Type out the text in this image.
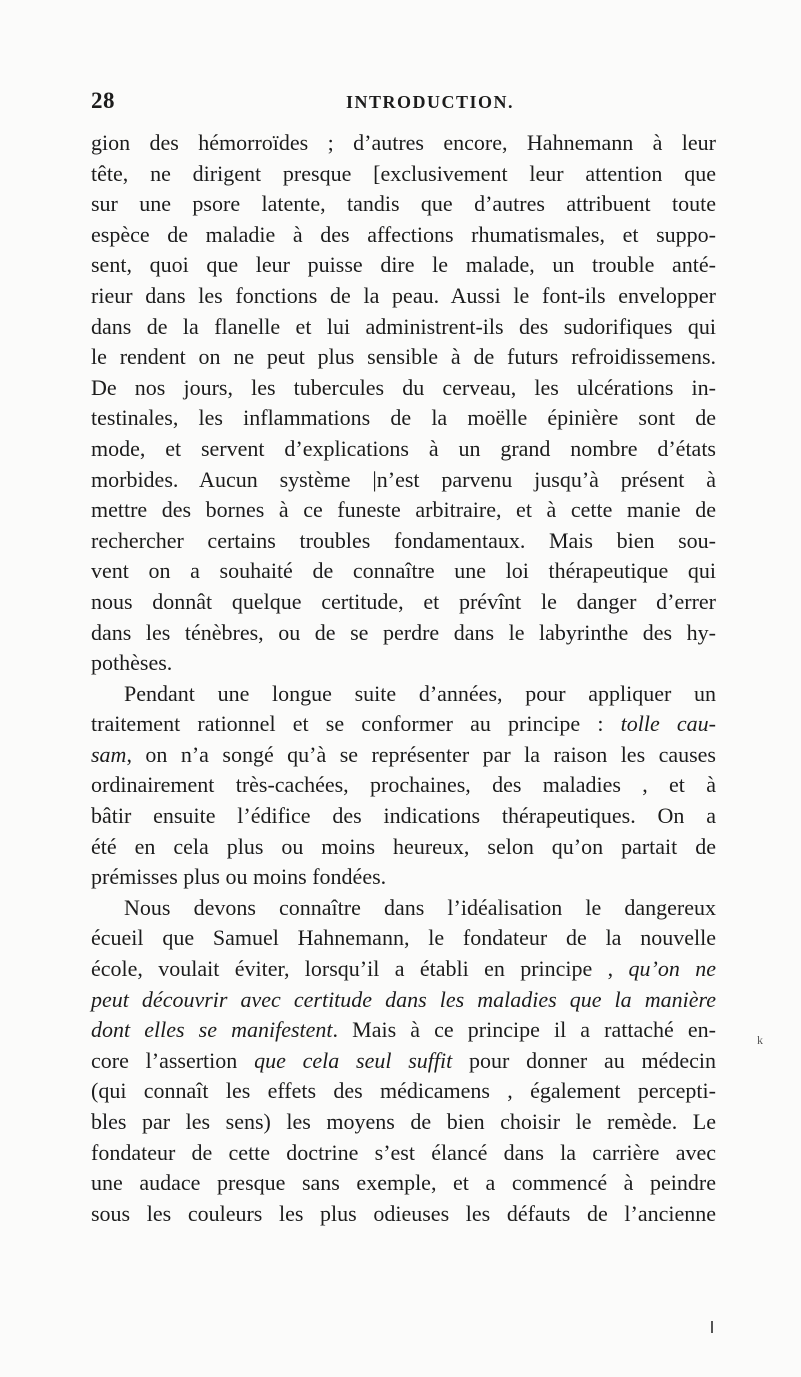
28	INTRODUCTION.
gion des hémorroïdes ; d’autres encore, Hahnemann à leur
tête, ne dirigent presque [exclusivement leur attention que
sur une psore latente, tandis que d’autres attribuent toute
espèce de maladie à des affections rhumatismales, et suppo-
sent, quoi que leur puisse dire le malade, un trouble anté-
rieur dans les fonctions de la peau. Aussi le font-ils envelopper
dans de la flanelle et lui administrent-ils des sudorifiques qui
le rendent on ne peut plus sensible à de futurs refroidissemens.
De nos jours, les tubercules du cerveau, les ulcérations in-
testinales, les inflammations de la moëlle épinière sont de
mode, et servent d’explications à un grand nombre d’états
morbides. Aucun système |n’est parvenu jusqu’à présent à
mettre des bornes à ce funeste arbitraire, et à cette manie de
rechercher certains troubles fondamentaux. Mais bien sou-
vent on a souhaité de connaître une loi thérapeutique qui
nous donnât quelque certitude, et prévînt le danger d’errer
dans les ténèbres, ou de se perdre dans le labyrinthe des hy-
pothèses.
Pendant une longue suite d’années, pour appliquer un
traitement rationnel et se conformer au principe : tolle cau-
sam, on n’a songé qu’à se représenter par la raison les causes
ordinairement très-cachées, prochaines, des maladies , et à
bâtir ensuite l’édifice des indications thérapeutiques. On a
été en cela plus ou moins heureux, selon qu’on partait de
prémisses plus ou moins fondées.
Nous devons connaître dans l’idéalisation le dangereux
écueil que Samuel Hahnemann, le fondateur de la nouvelle
école, voulait éviter, lorsqu’il a établi en principe , qu’on ne
peut découvrir avec certitude dans les maladies que la manière
dont elles se manifestent. Mais à ce principe il a rattaché en-
core l’assertion que cela seul suffit pour donner au médecin
(qui connaît les effets des médicamens , également percepti-
bles par les sens) les moyens de bien choisir le remède. Le
fondateur de cette doctrine s’est élancé dans la carrière avec
une audace presque sans exemple, et a commencé à peindre
sous les couleurs les plus odieuses les défauts de l’ancienne
k
